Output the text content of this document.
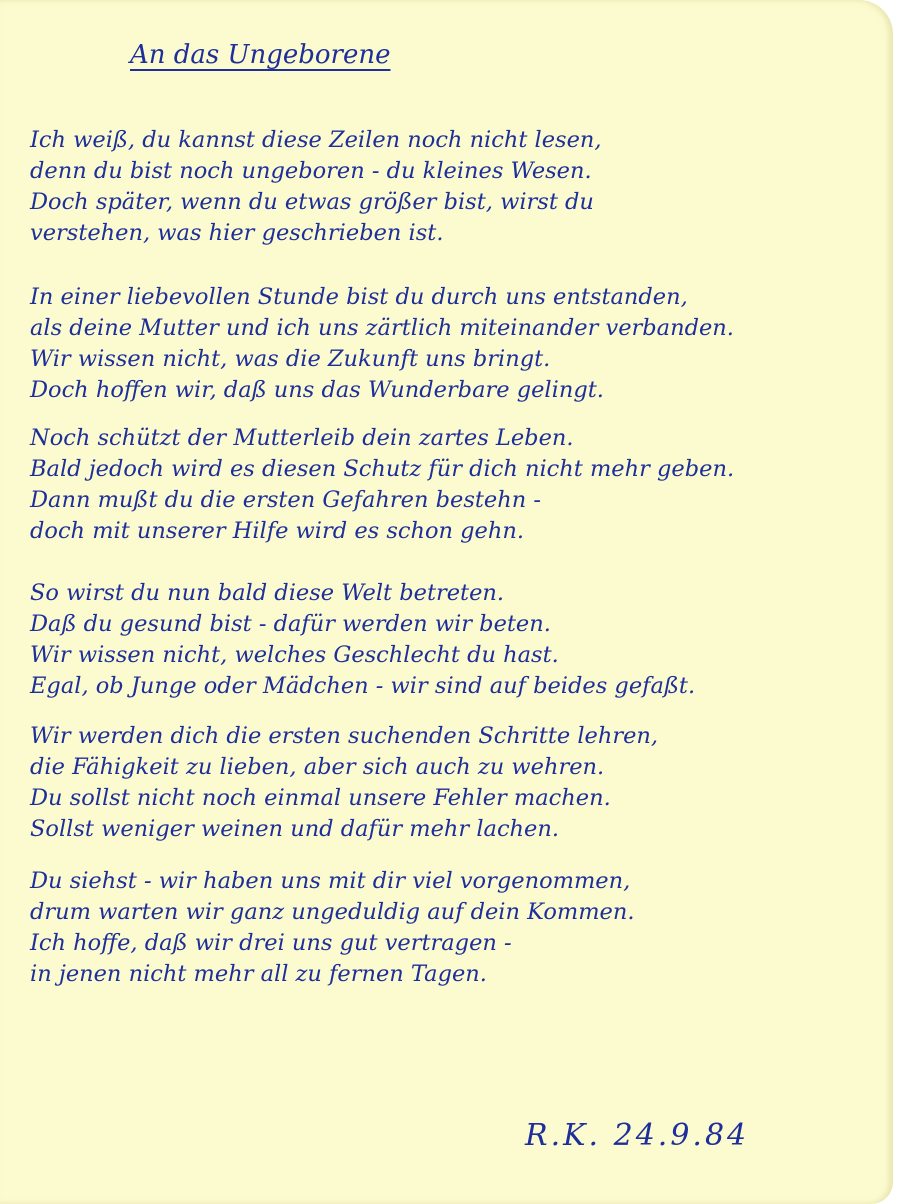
An das Ungeborene
Ich weiß, du kannst diese Zeilen noch nicht lesen,
denn du bist noch ungeboren - du kleines Wesen.
Doch später, wenn du etwas größer bist, wirst du
verstehen, was hier geschrieben ist.
In einer liebevollen Stunde bist du durch uns entstanden,
als deine Mutter und ich uns zärtlich miteinander verbanden.
Wir wissen nicht, was die Zukunft uns bringt.
Doch hoffen wir, daß uns das Wunderbare gelingt.
Noch schützt der Mutterleib dein zartes Leben.
Bald jedoch wird es diesen Schutz für dich nicht mehr geben.
Dann mußt du die ersten Gefahren bestehn -
doch mit unserer Hilfe wird es schon gehn.
So wirst du nun bald diese Welt betreten.
Daß du gesund bist - dafür werden wir beten.
Wir wissen nicht, welches Geschlecht du hast.
Egal, ob Junge oder Mädchen - wir sind auf beides gefaßt.
Wir werden dich die ersten suchenden Schritte lehren,
die Fähigkeit zu lieben, aber sich auch zu wehren.
Du sollst nicht noch einmal unsere Fehler machen.
Sollst weniger weinen und dafür mehr lachen.
Du siehst - wir haben uns mit dir viel vorgenommen,
drum warten wir ganz ungeduldig auf dein Kommen.
Ich hoffe, daß wir drei uns gut vertragen -
in jenen nicht mehr all zu fernen Tagen.
R.K. 24.9.84
